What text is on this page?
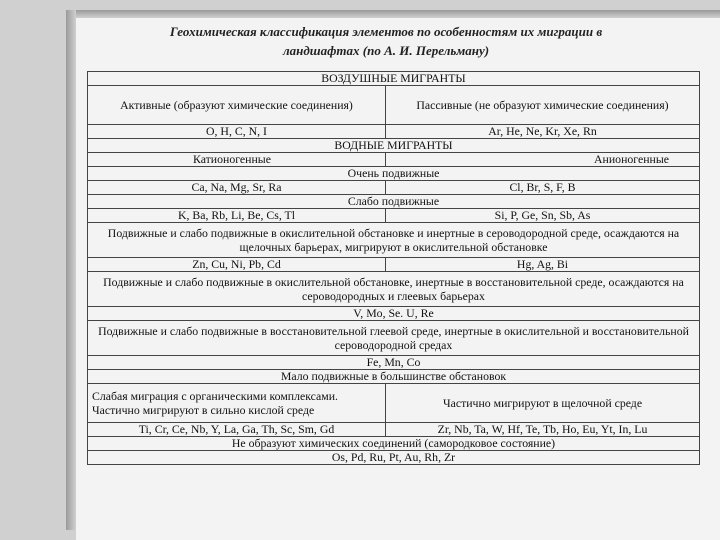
Геохимическая классификация элементов по особенностям их миграции в
ландшафтах (по А. И. Перельману)
ВОЗДУШНЫЕ МИГРАНТЫ	
Активные (образуют химические соединения)	Пассивные (не образуют химические соединения)
O, H, C, N, I	Ar, He, Ne, Kr, Xe, Rn
ВОДНЫЕ МИГРАНТЫ	
Катионогенные	Анионогенные
Очень подвижные	
Ca, Na, Mg, Sr, Ra	Cl, Br, S, F, B
Слабо подвижные	
K, Ba, Rb, Li, Be, Cs, Tl	Si, P, Ge, Sn, Sb, As
Подвижные и слабо подвижные в окислительной обстановке и инертные в сероводородной среде, осаждаются на щелочных барьерах, мигрируют в окислительной обстановке	
Zn, Cu, Ni, Pb, Cd	Hg, Ag, Bi
Подвижные и слабо подвижные в окислительной обстановке, инертные в восстановительной среде, осаждаются на сероводородных и глеевых барьерах	
V, Mo, Se. U, Re	
Подвижные и слабо подвижные в восстановительной глеевой среде, инертные в окислительной и восстановительной сероводородной средах	
Fe, Mn, Co	
Мало подвижные в большинстве обстановок	

Слабая миграция с органическими комплексами.
Частично мигрируют в сильно кислой среде	Частично мигрируют в щелочной среде
Ti, Cr, Ce, Nb, Y, La, Ga, Th, Sc, Sm, Gd	Zr, Nb, Ta, W, Hf, Te, Tb, Ho, Eu, Yt, In, Lu
Не образуют химических соединений (самородковое состояние)	
Os, Pd, Ru, Pt, Au, Rh, Zr	
